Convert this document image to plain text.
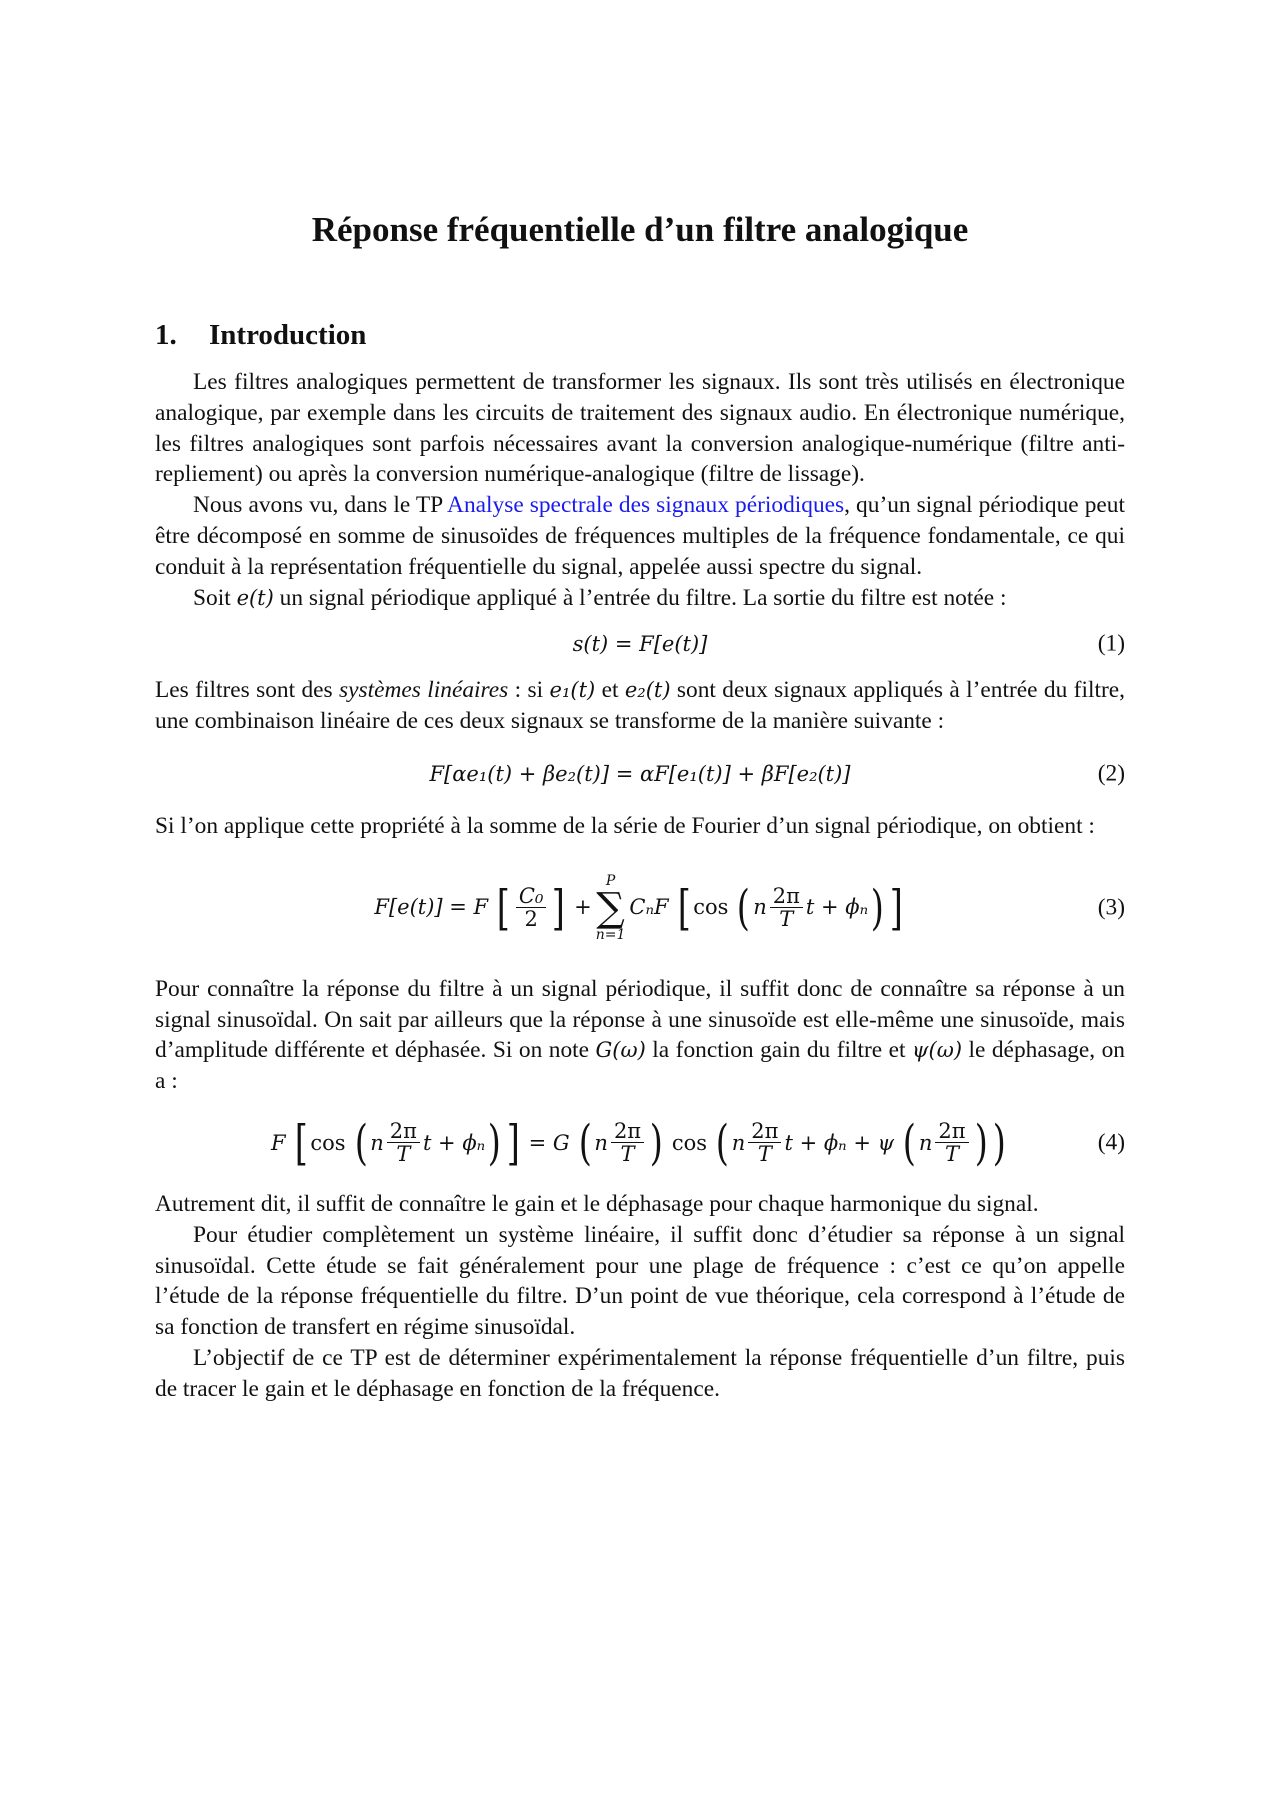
Réponse fréquentielle d’un filtre analogique
1. Introduction

Les filtres analogiques permettent de transformer les signaux. Ils sont très utilisés en électronique analogique, par exemple dans les circuits de traitement des signaux audio. En électronique numérique, les filtres analogiques sont parfois nécessaires avant la conversion analogique-numérique (filtre anti-repliement) ou après la conversion numérique-analogique (filtre de lissage).

Nous avons vu, dans le TP Analyse spectrale des signaux périodiques, qu’un signal périodique peut être décomposé en somme de sinusoïdes de fréquences multiples de la fréquence fondamentale, ce qui conduit à la représentation fréquentielle du signal, appelée aussi spectre du signal.

Soit e(t) un signal périodique appliqué à l’entrée du filtre. La sortie du filtre est notée :

s(t) = F[e(t)]	(1)

Les filtres sont des systèmes linéaires : si e₁(t) et e₂(t) sont deux signaux appliqués à l’entrée du filtre, une combinaison linéaire de ces deux signaux se transforme de la manière suivante :

F[αe₁(t) + βe₂(t)] = αF[e₁(t)] + βF[e₂(t)]	(2)

Si l’on applique cette propriété à la somme de la série de Fourier d’un signal périodique, on obtient :

F[e(t)] = F [ $\frac{\text{C₀}}{2}$ ] +
P
∑
n=1
CₙF [ cos ( n $\frac{2\pi}{T}$ t + ϕₙ ) ]	(3)

Pour connaître la réponse du filtre à un signal périodique, il suffit donc de connaître sa réponse à un signal sinusoïdal. On sait par ailleurs que la réponse à une sinusoïde est elle-même une sinusoïde, mais d’amplitude différente et déphasée. Si on note G(ω) la fonction gain du filtre et ψ(ω) le déphasage, on a :

F [ cos ( n $\frac{2\pi}{T}$ t + ϕₙ ) ] = G ( n $\frac{2\pi}{T}$ ) cos ( n $\frac{2\pi}{T}$ t + ϕₙ + ψ ( n $\frac{2\pi}{T}$ ) )	(4)

Autrement dit, il suffit de connaître le gain et le déphasage pour chaque harmonique du signal.

Pour étudier complètement un système linéaire, il suffit donc d’étudier sa réponse à un signal sinusoïdal. Cette étude se fait généralement pour une plage de fréquence : c’est ce qu’on appelle l’étude de la réponse fréquentielle du filtre. D’un point de vue théorique, cela correspond à l’étude de sa fonction de transfert en régime sinusoïdal.

L’objectif de ce TP est de déterminer expérimentalement la réponse fréquentielle d’un filtre, puis de tracer le gain et le déphasage en fonction de la fréquence.
